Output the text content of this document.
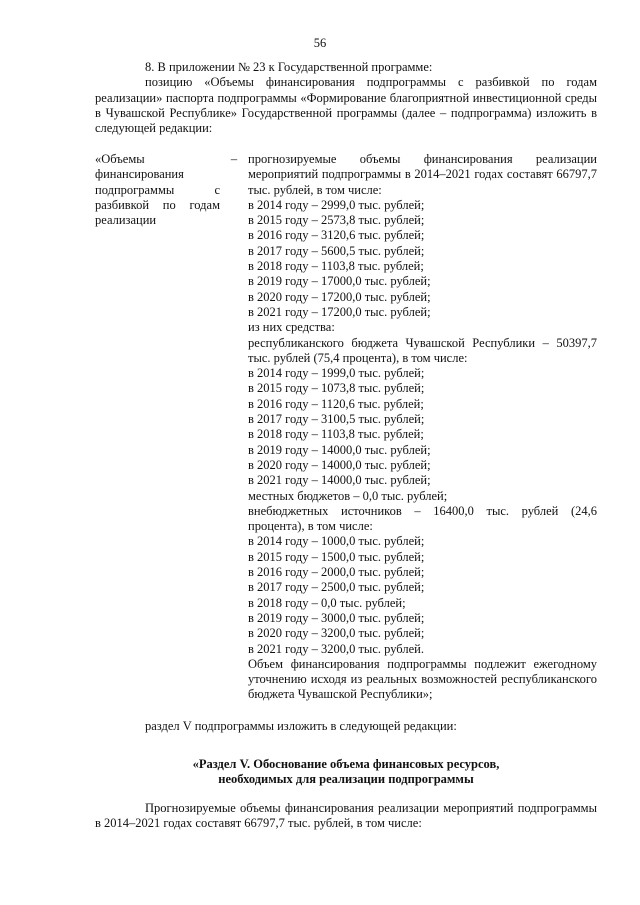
56

8. В приложении № 23 к Государственной программе:

позицию «Объемы финансирования подпрограммы с разбивкой по годам реализации» паспорта подпрограммы «Формирование благоприятной инвестиционной среды в Чувашской Республике» Государственной программы (далее – подпрограмма) изложить в следующей редакции:

«Объемы финансирования подпрограммы с разбивкой по годам реализации
– прогнозируемые объемы финансирования реализации мероприятий подпрограммы в 2014–2021 годах составят 66797,7 тыс. рублей, в том числе:
в 2014 году – 2999,0 тыс. рублей;
в 2015 году – 2573,8 тыс. рублей;
в 2016 году – 3120,6 тыс. рублей;
в 2017 году – 5600,5 тыс. рублей;
в 2018 году – 1103,8 тыс. рублей;
в 2019 году – 17000,0 тыс. рублей;
в 2020 году – 17200,0 тыс. рублей;
в 2021 году – 17200,0 тыс. рублей;
из них средства:
республиканского бюджета Чувашской Республики – 50397,7 тыс. рублей (75,4 процента), в том числе:
в 2014 году – 1999,0 тыс. рублей;
в 2015 году – 1073,8 тыс. рублей;
в 2016 году – 1120,6 тыс. рублей;
в 2017 году – 3100,5 тыс. рублей;
в 2018 году – 1103,8 тыс. рублей;
в 2019 году – 14000,0 тыс. рублей;
в 2020 году – 14000,0 тыс. рублей;
в 2021 году – 14000,0 тыс. рублей;
местных бюджетов – 0,0 тыс. рублей;
внебюджетных источников – 16400,0 тыс. рублей (24,6 процента), в том числе:
в 2014 году – 1000,0 тыс. рублей;
в 2015 году – 1500,0 тыс. рублей;
в 2016 году – 2000,0 тыс. рублей;
в 2017 году – 2500,0 тыс. рублей;
в 2018 году – 0,0 тыс. рублей;
в 2019 году – 3000,0 тыс. рублей;
в 2020 году – 3200,0 тыс. рублей;
в 2021 году – 3200,0 тыс. рублей.
Объем финансирования подпрограммы подлежит ежегодному уточнению исходя из реальных возможностей республиканского бюджета Чувашской Республики»;
раздел V подпрограммы изложить в следующей редакции:
«Раздел V. Обоснование объема финансовых ресурсов,
необходимых для реализации подпрограммы
Прогнозируемые объемы финансирования реализации мероприятий подпрограммы в 2014–2021 годах составят 66797,7 тыс. рублей, в том числе:
